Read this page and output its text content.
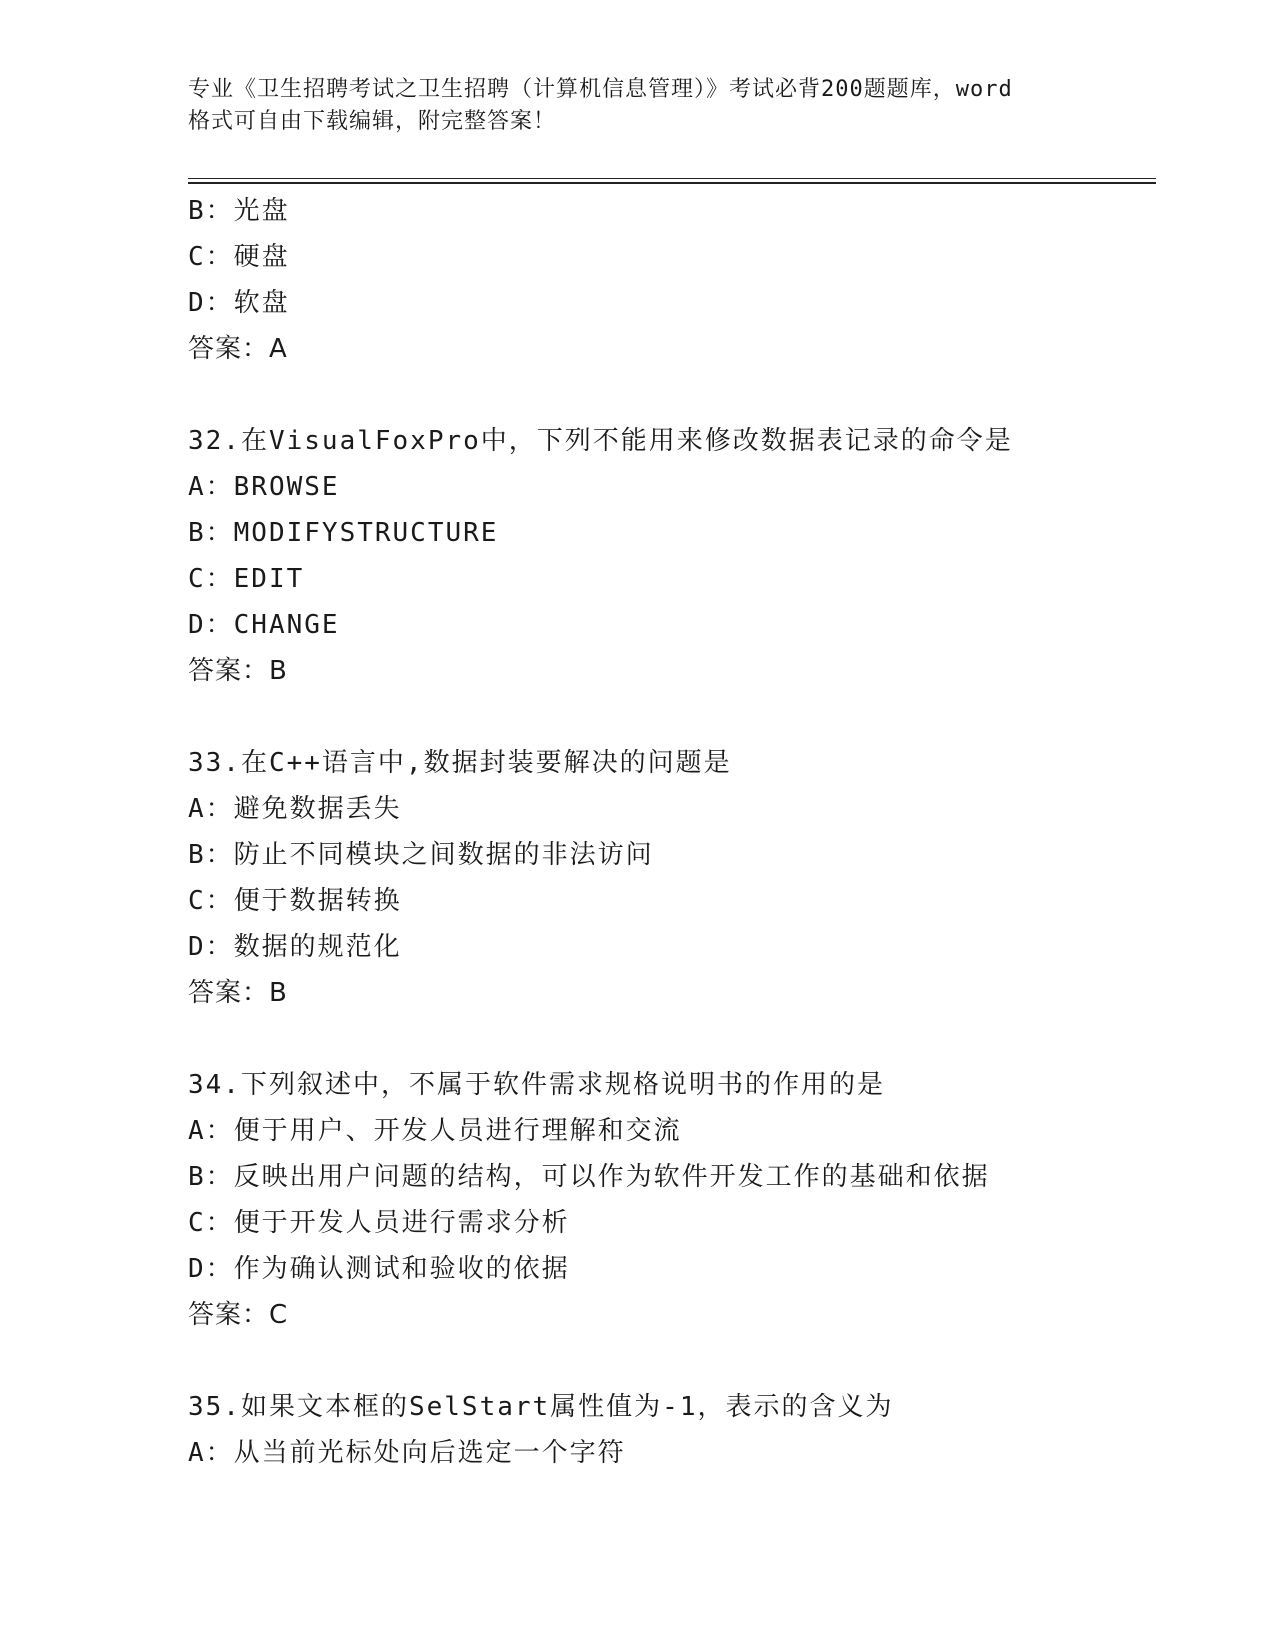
专业《卫生招聘考试之卫生招聘（计算机信息管理）》考试必背200题题库，word
格式可自由下载编辑，附完整答案！
B：光盘
C：硬盘
D：软盘
答案：A
32.在VisualFoxPro中，下列不能用来修改数据表记录的命令是
A：BROWSE
B：MODIFYSTRUCTURE
C：EDIT
D：CHANGE
答案：B
33.在C++语言中,数据封装要解决的问题是
A：避免数据丢失
B：防止不同模块之间数据的非法访问
C：便于数据转换
D：数据的规范化
答案：B
34.下列叙述中，不属于软件需求规格说明书的作用的是
A：便于用户、开发人员进行理解和交流
B：反映出用户问题的结构，可以作为软件开发工作的基础和依据
C：便于开发人员进行需求分析
D：作为确认测试和验收的依据
答案：C
35.如果文本框的SelStart属性值为-1，表示的含义为
A：从当前光标处向后选定一个字符
